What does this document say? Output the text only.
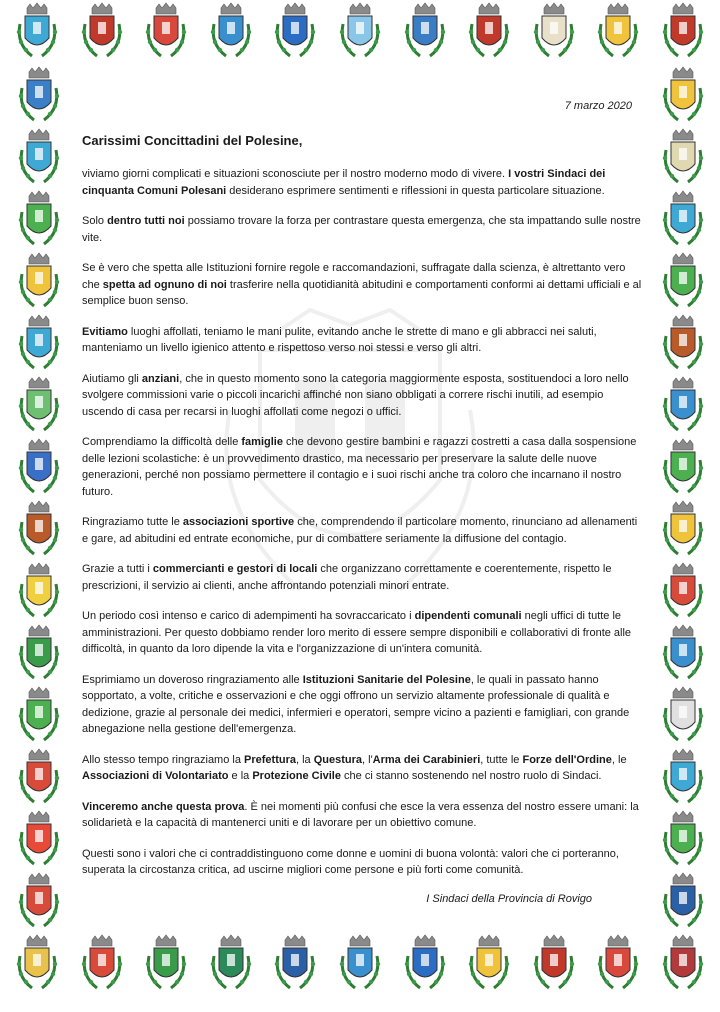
7 marzo 2020
Carissimi Concittadini del Polesine,

viviamo giorni complicati e situazioni sconosciute per il nostro moderno modo di vivere. I vostri Sindaci dei cinquanta Comuni Polesani desiderano esprimere sentimenti e riflessioni in questa particolare situazione.

Solo dentro tutti noi possiamo trovare la forza per contrastare questa emergenza, che sta impattando sulle nostre vite.

Se è vero che spetta alle Istituzioni fornire regole e raccomandazioni, suffragate dalla scienza, è altrettanto vero che spetta ad ognuno di noi trasferire nella quotidianità abitudini e comportamenti conformi ai dettami ufficiali e al semplice buon senso.

Evitiamo luoghi affollati, teniamo le mani pulite, evitando anche le strette di mano e gli abbracci nei saluti, manteniamo un livello igienico attento e rispettoso verso noi stessi e verso gli altri.

Aiutiamo gli anziani, che in questo momento sono la categoria maggiormente esposta, sostituendoci a loro nello svolgere commissioni varie o piccoli incarichi affinché non siano obbligati a correre rischi inutili, ad esempio uscendo di casa per recarsi in luoghi affollati come negozi o uffici.

Comprendiamo la difficoltà delle famiglie che devono gestire bambini e ragazzi costretti a casa dalla sospensione delle lezioni scolastiche: è un provvedimento drastico, ma necessario per preservare la salute delle nuove generazioni, perché non possiamo permettere il contagio e i suoi rischi anche tra coloro che incarnano il nostro futuro.

Ringraziamo tutte le associazioni sportive che, comprendendo il particolare momento, rinunciano ad allenamenti e gare, ad abitudini ed entrate economiche, pur di combattere seriamente la diffusione del contagio.

Grazie a tutti i commercianti e gestori di locali che organizzano correttamente e coerentemente, rispetto le prescrizioni, il servizio ai clienti, anche affrontando potenziali minori entrate.

Un periodo così intenso e carico di adempimenti ha sovraccaricato i dipendenti comunali negli uffici di tutte le amministrazioni. Per questo dobbiamo render loro merito di essere sempre disponibili e collaborativi di fronte alle difficoltà, in quanto da loro dipende la vita e l'organizzazione di un'intera comunità.

Esprimiamo un doveroso ringraziamento alle Istituzioni Sanitarie del Polesine, le quali in passato hanno sopportato, a volte, critiche e osservazioni e che oggi offrono un servizio altamente professionale di qualità e dedizione, grazie al personale dei medici, infermieri e operatori, sempre vicino a pazienti e famigliari, con grande abnegazione nella gestione dell'emergenza.

Allo stesso tempo ringraziamo la Prefettura, la Questura, l'Arma dei Carabinieri, tutte le Forze dell'Ordine, le Associazioni di Volontariato e la Protezione Civile che ci stanno sostenendo nel nostro ruolo di Sindaci.

Vinceremo anche questa prova. È nei momenti più confusi che esce la vera essenza del nostro essere umani: la solidarietà e la capacità di mantenerci uniti e di lavorare per un obiettivo comune.

Questi sono i valori che ci contraddistinguono come donne e uomini di buona volontà: valori che ci porteranno, superata la circostanza critica, ad uscirne migliori come persone e più forti come comunità.

I Sindaci della Provincia di Rovigo
